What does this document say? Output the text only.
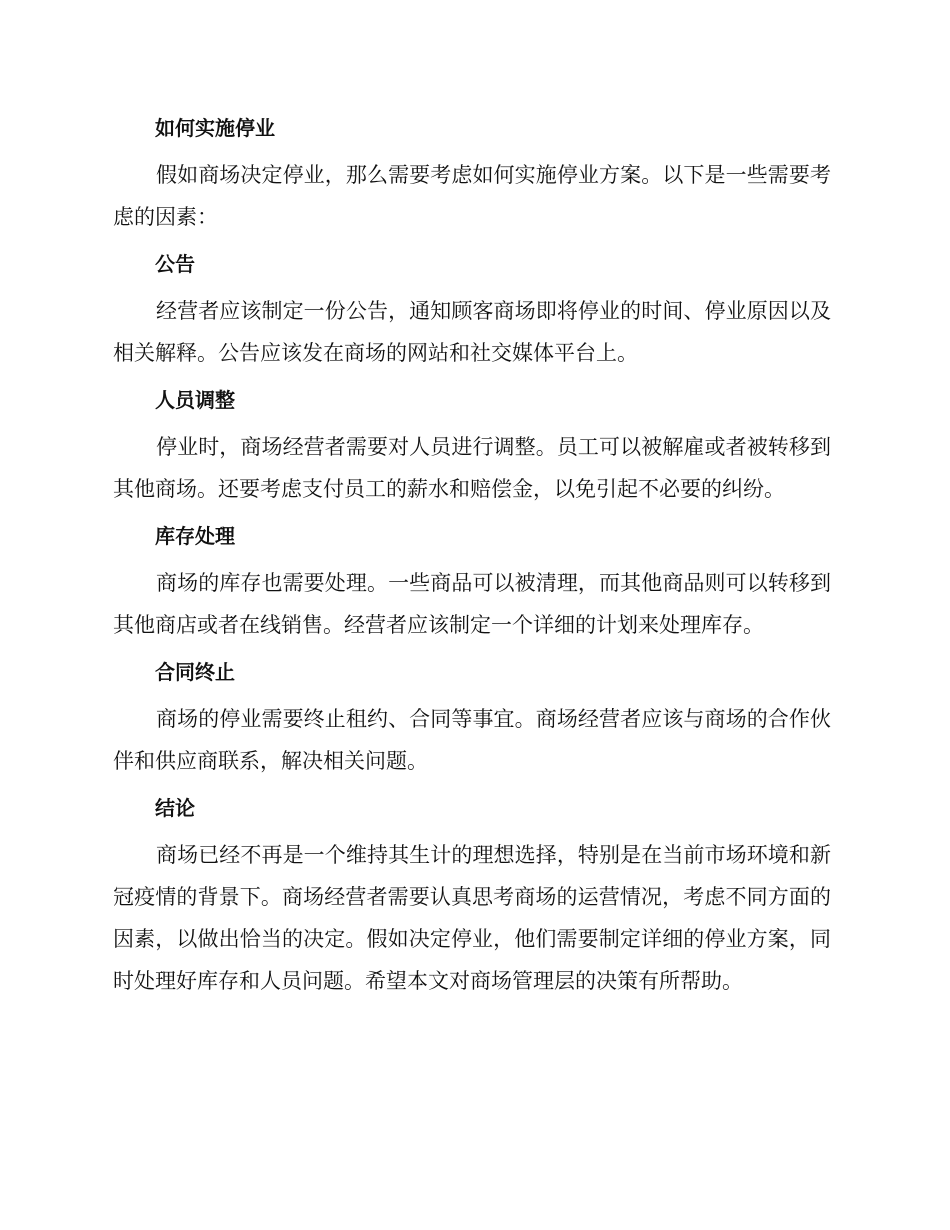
如何实施停业

假如商场决定停业，那么需要考虑如何实施停业方案。以下是一些需要考虑的因素：

公告

经营者应该制定一份公告，通知顾客商场即将停业的时间、停业原因以及相关解释。公告应该发在商场的网站和社交媒体平台上。

人员调整

停业时，商场经营者需要对人员进行调整。员工可以被解雇或者被转移到其他商场。还要考虑支付员工的薪水和赔偿金，以免引起不必要的纠纷。

库存处理

商场的库存也需要处理。一些商品可以被清理，而其他商品则可以转移到其他商店或者在线销售。经营者应该制定一个详细的计划来处理库存。

合同终止

商场的停业需要终止租约、合同等事宜。商场经营者应该与商场的合作伙伴和供应商联系，解决相关问题。

结论

商场已经不再是一个维持其生计的理想选择，特别是在当前市场环境和新冠疫情的背景下。商场经营者需要认真思考商场的运营情况，考虑不同方面的因素，以做出恰当的决定。假如决定停业，他们需要制定详细的停业方案，同时处理好库存和人员问题。希望本文对商场管理层的决策有所帮助。
